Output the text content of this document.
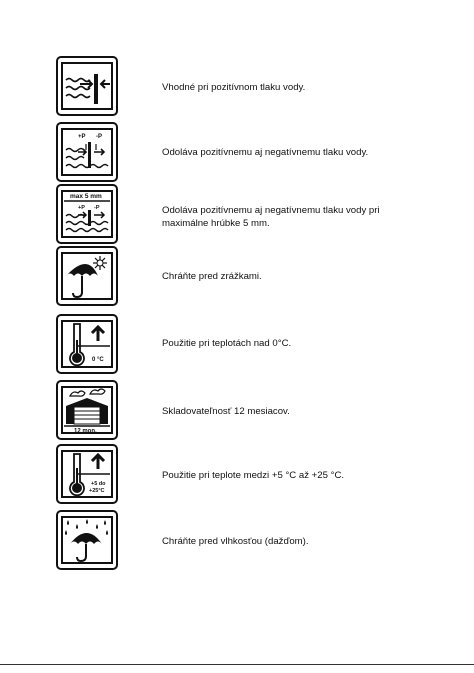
Vhodné pri pozitívnom tlaku vody.
+P -P
Odoláva pozitívnemu aj negatívnemu tlaku vody.
max 5 mm
+P -P	Odoláva pozitívnemu aj negatívnemu tlaku vody pri maximálne hrúbke 5 mm.
Chráňte pred zrážkami.
0 °C
Použitie pri teplotách nad 0°C.
12 mon.
Skladovateľnosť 12 mesiacov.
+5 do
+25°C
Použitie pri teplote medzi +5 °C až +25 °C.
Chráňte pred vlhkosťou (dažďom).
